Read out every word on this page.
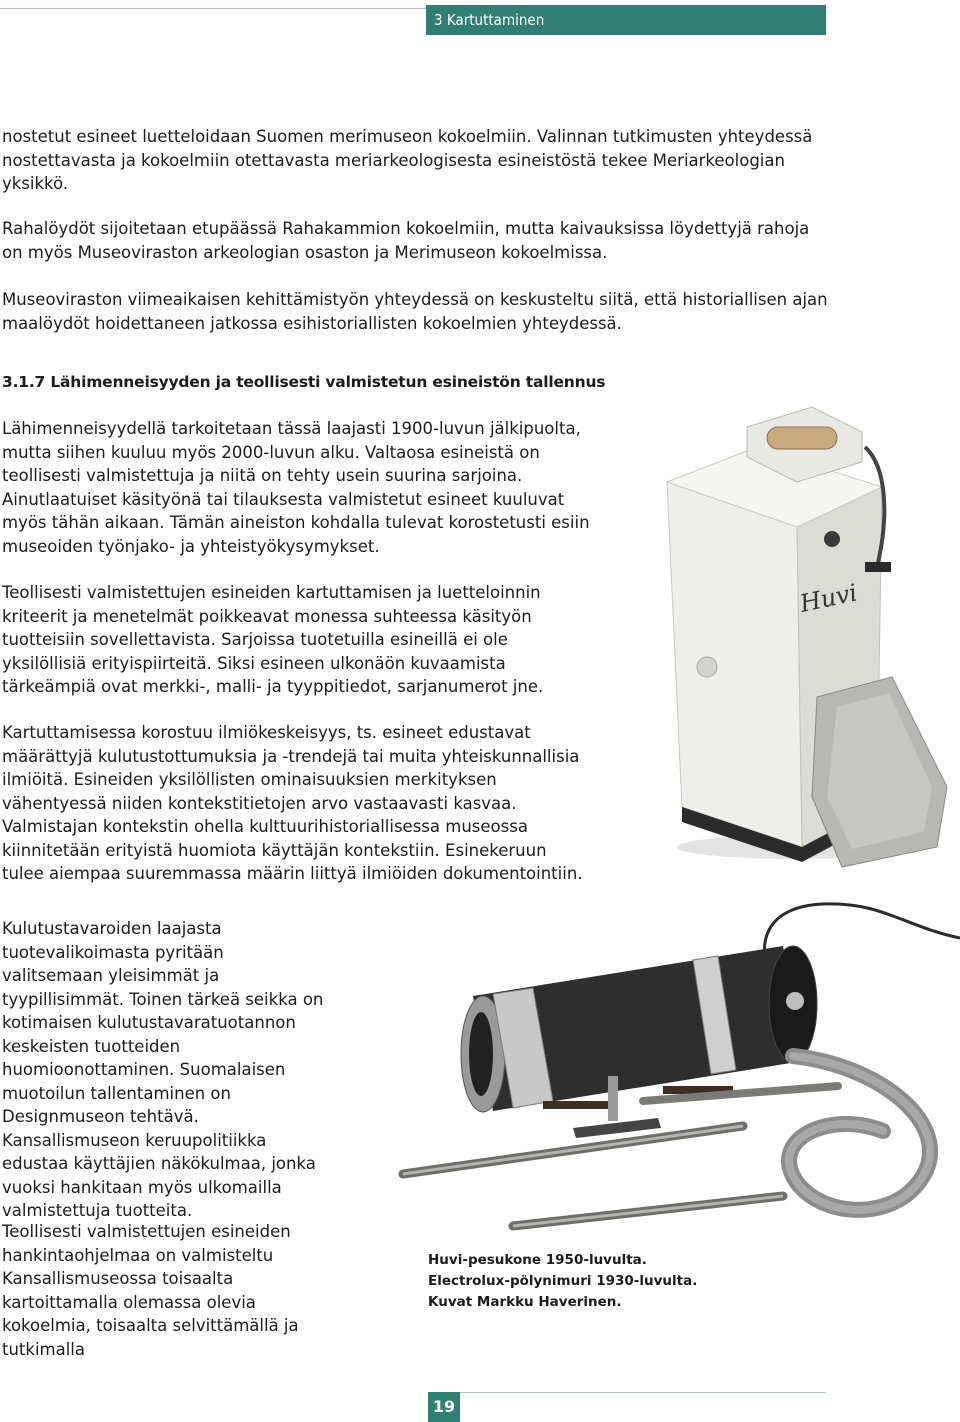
3 Kartuttaminen

nostetut esineet luetteloidaan Suomen merimuseon kokoelmiin. Valinnan tutkimusten yhteydessä nostettavasta ja kokoelmiin otettavasta meriarkeologisesta esineistöstä tekee Meriarkeologian yksikkö.

Rahalöydöt sijoitetaan etupäässä Rahakammion kokoelmiin, mutta kaivauksissa löydettyjä rahoja on myös Museoviraston arkeologian osaston ja Merimuseon kokoelmissa.

Museoviraston viimeaikaisen kehittämistyön yhteydessä on keskusteltu siitä, että historiallisen ajan maalöydöt hoidettaneen jatkossa esihistoriallisten kokoelmien yhteydessä.

3.1.7 Lähimenneisyyden ja teollisesti valmistetun esineistön tallennus

Lähimenneisyydellä tarkoitetaan tässä laajasti 1900-luvun jälkipuolta, mutta siihen kuuluu myös 2000-luvun alku. Valtaosa esineistä on teollisesti valmistettuja ja niitä on tehty usein suurina sarjoina. Ainutlaatuiset käsityönä tai tilauksesta valmistetut esineet kuuluvat myös tähän aikaan. Tämän aineiston kohdalla tulevat korostetusti esiin museoiden työnjako- ja yhteistyökysymykset.

Teollisesti valmistettujen esineiden kartuttamisen ja luetteloinnin kriteerit ja menetelmät poikkeavat monessa suhteessa käsityön tuotteisiin sovellettavista. Sarjoissa tuotetuilla esineillä ei ole yksilöllisiä erityispiirteitä. Siksi esineen ulkonäön kuvaamista tärkeämpiä ovat merkki-, malli- ja tyyppitiedot, sarjanumerot jne.

Kartuttamisessa korostuu ilmiökeskeisyys, ts. esineet edustavat määrättyjä kulutustottumuksia ja -trendejä tai muita yhteiskunnallisia ilmiöitä. Esineiden yksilöllisten ominaisuuksien merkityksen vähentyessä niiden kontekstitietojen arvo vastaavasti kasvaa. Valmistajan kontekstin ohella kulttuurihistoriallisessa museossa kiinnitetään erityistä huomiota käyttäjän kontekstiin. Esinekeruun tulee aiempaa suuremmassa määrin liittyä ilmiöiden dokumentointiin.

Kulutustavaroiden laajasta tuotevalikoimasta pyritään valitsemaan yleisimmät ja tyypillisimmät. Toinen tärkeä seikka on kotimaisen kulutustavaratuotannon keskeisten tuotteiden huomioonottaminen. Suomalaisen muotoilun tallentaminen on Designmuseon tehtävä. Kansallismuseon keruupolitiikka edustaa käyttäjien näkökulmaa, jonka vuoksi hankitaan myös ulkomailla valmistettuja tuotteita.

Teollisesti valmistettujen esineiden hankintaohjelmaa on valmisteltu Kansallismuseossa toisaalta kartoittamalla olemassa olevia kokoelmia, toisaalta selvittämällä ja tutkimalla

Huvi
Huvi-pesukone 1950-luvulta.
Electrolux-pölynimuri 1930-luvulta.
Kuvat Markku Haverinen.
19
